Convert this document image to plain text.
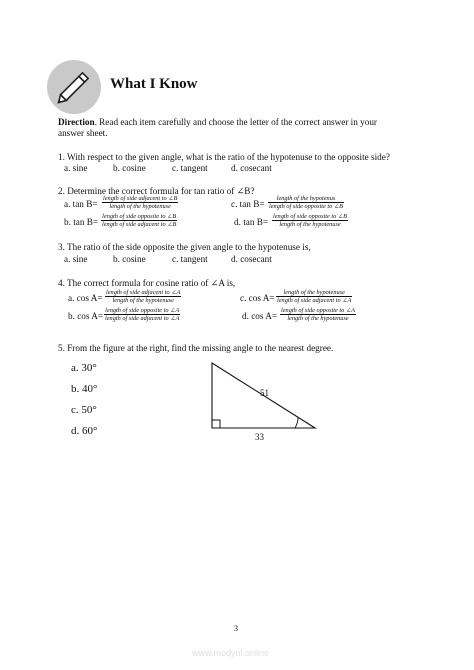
What I Know
Direction. Read each item carefully and choose the letter of the correct answer in your
answer sheet.
1. With respect to the given angle, what is the ratio of the hypotenuse to the opposite side?
a. sine	b. cosine	c. tangent	d. cosecant
2. Determine the correct formula for tan ratio of ∠B?
a. tan B=
length of side adjacent to ∠B
length of the hypotenuse	c. tan B=
length of the hypotenus
length of side opposite to ∠B
b. tan B=
length of side opposite to ∠B
length of side adjacent to ∠B	d. tan B=
length of side opposite to ∠B
length of the hypotenuse
3. The ratio of the side opposite the given angle to the hypotenuse is,
a. sine	b. cosine	c. tangent	d. cosecant
4. The correct formula for cosine ratio of ∠A is,
a. cos A=
length of side adjacent to ∠A
length of the hypotenuse	c. cos A=
length of the hypotenuse
length of side adjacent to ∠A
b. cos A=
length of side opposite to ∠A
length of side adjacent to ∠A	d. cos A=
length of side opposite to ∠A
length of the hypotenuse
5. From the figure at the right, find the missing angle to the nearest degree.
a. 30°
b. 40°
c. 50°
d. 60°
51
33
3
www.modyul.online
